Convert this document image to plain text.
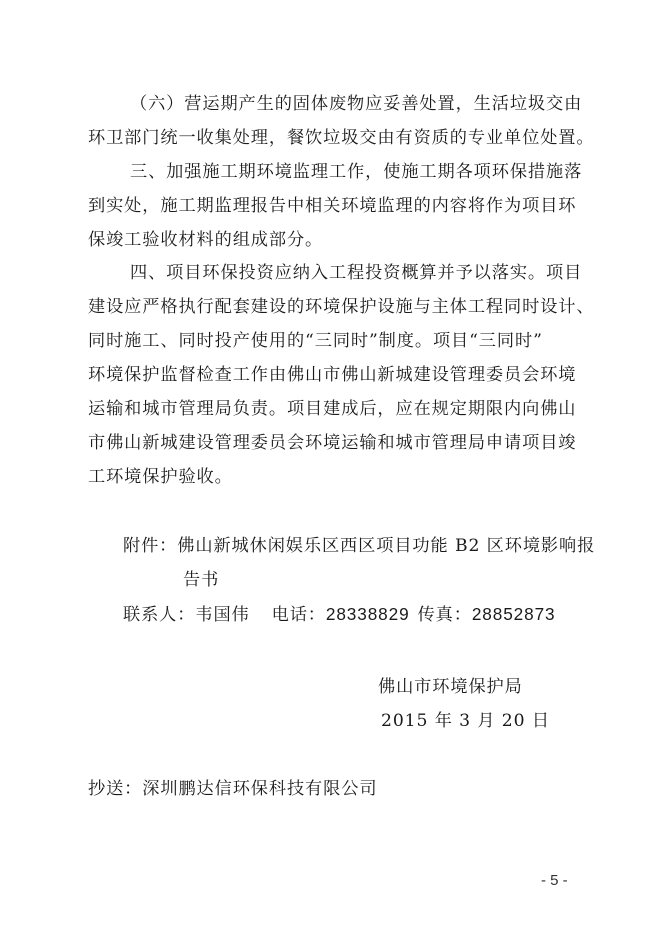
（六）营运期产生的固体废物应妥善处置，生活垃圾交由
环卫部门统一收集处理，餐饮垃圾交由有资质的专业单位处置。
三、加强施工期环境监理工作，使施工期各项环保措施落
到实处，施工期监理报告中相关环境监理的内容将作为项目环
保竣工验收材料的组成部分。
四、项目环保投资应纳入工程投资概算并予以落实。项目
建设应严格执行配套建设的环境保护设施与主体工程同时设计、
同时施工、同时投产使用的“三同时”制度。项目“三同时”
环境保护监督检查工作由佛山市佛山新城建设管理委员会环境
运输和城市管理局负责。项目建成后，应在规定期限内向佛山
市佛山新城建设管理委员会环境运输和城市管理局申请项目竣
工环境保护验收。
附件：佛山新城休闲娱乐区西区项目功能 B2 区环境影响报
告书
联系人：韦国伟 电话：28338829 传真：28852873
佛山市环境保护局
2015 年 3 月 20 日
抄送：深圳鹏达信环保科技有限公司
- 5 -
